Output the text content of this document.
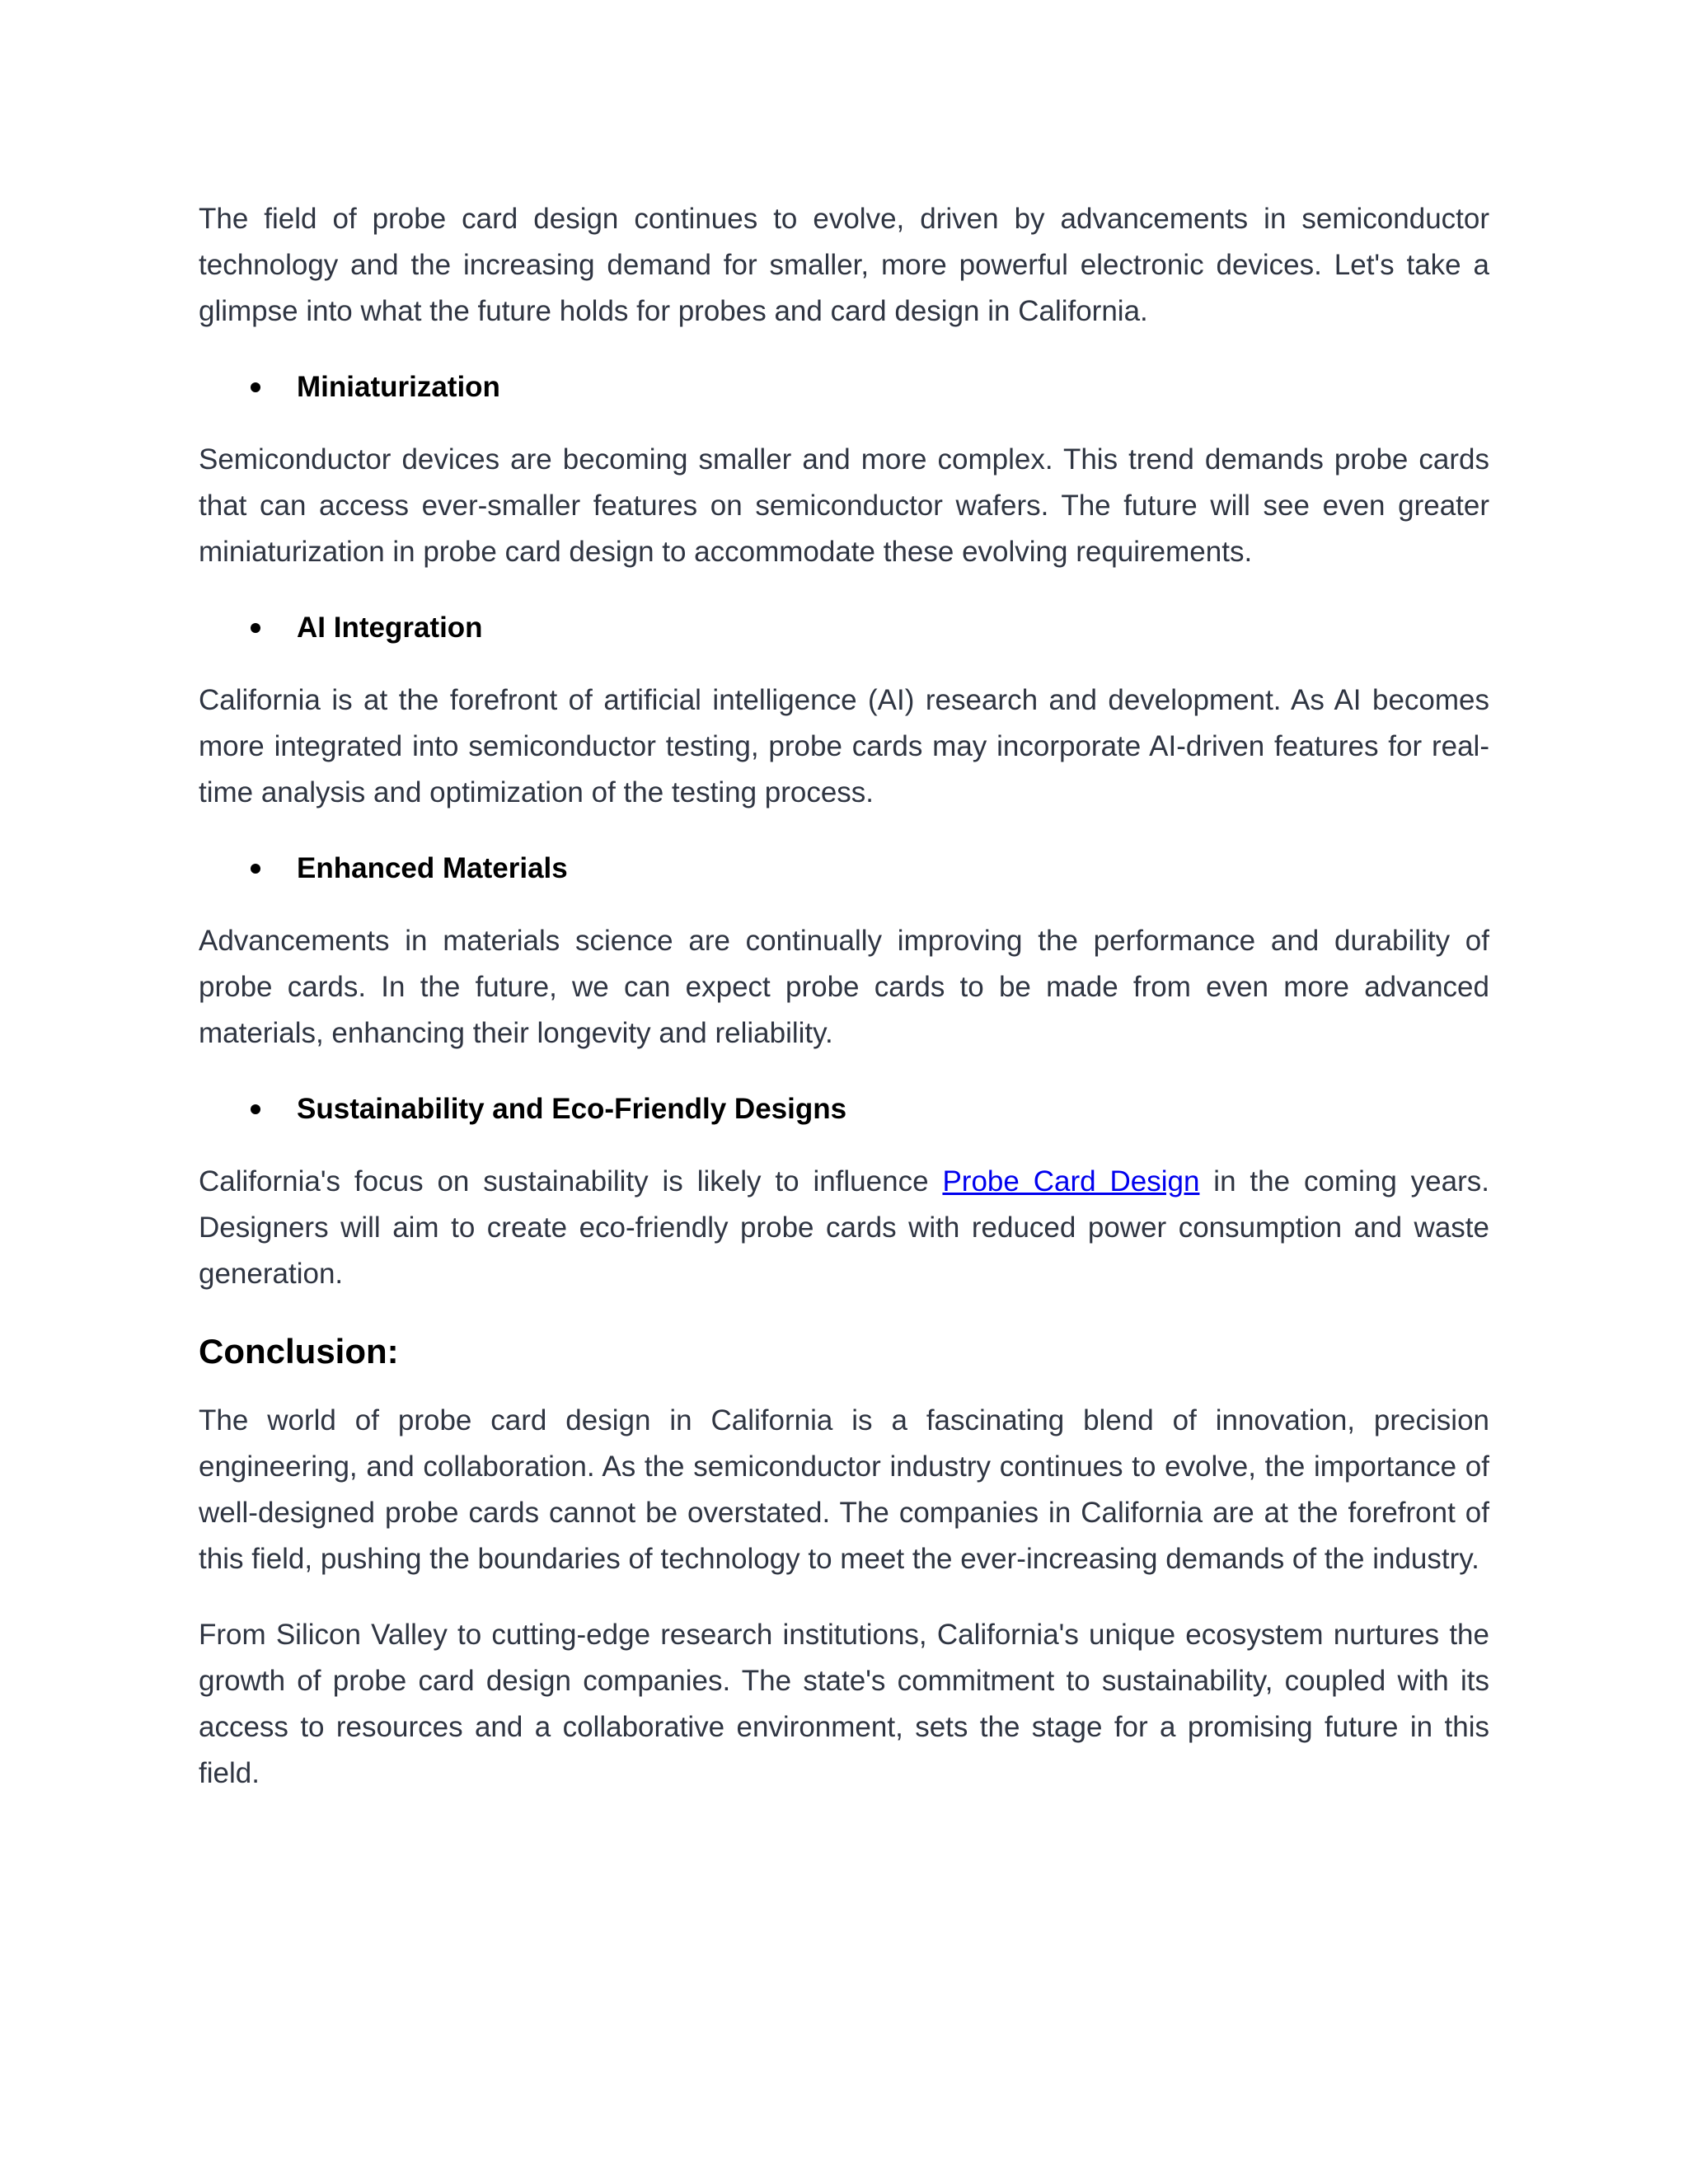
The field of probe card design continues to evolve, driven by advancements in semiconductor technology and the increasing demand for smaller, more powerful electronic devices. Let's take a glimpse into what the future holds for probes and card design in California.

Miniaturization

Semiconductor devices are becoming smaller and more complex. This trend demands probe cards that can access ever-smaller features on semiconductor wafers. The future will see even greater miniaturization in probe card design to accommodate these evolving requirements.

AI Integration

California is at the forefront of artificial intelligence (AI) research and development. As AI becomes more integrated into semiconductor testing, probe cards may incorporate AI-driven features for real-time analysis and optimization of the testing process.

Enhanced Materials

Advancements in materials science are continually improving the performance and durability of probe cards. In the future, we can expect probe cards to be made from even more advanced materials, enhancing their longevity and reliability.

Sustainability and Eco-Friendly Designs

California's focus on sustainability is likely to influence Probe Card Design in the coming years. Designers will aim to create eco-friendly probe cards with reduced power consumption and waste generation.

Conclusion:

The world of probe card design in California is a fascinating blend of innovation, precision engineering, and collaboration. As the semiconductor industry continues to evolve, the importance of well-designed probe cards cannot be overstated. The companies in California are at the forefront of this field, pushing the boundaries of technology to meet the ever-increasing demands of the industry.

From Silicon Valley to cutting-edge research institutions, California's unique ecosystem nurtures the growth of probe card design companies. The state's commitment to sustainability, coupled with its access to resources and a collaborative environment, sets the stage for a promising future in this field.
